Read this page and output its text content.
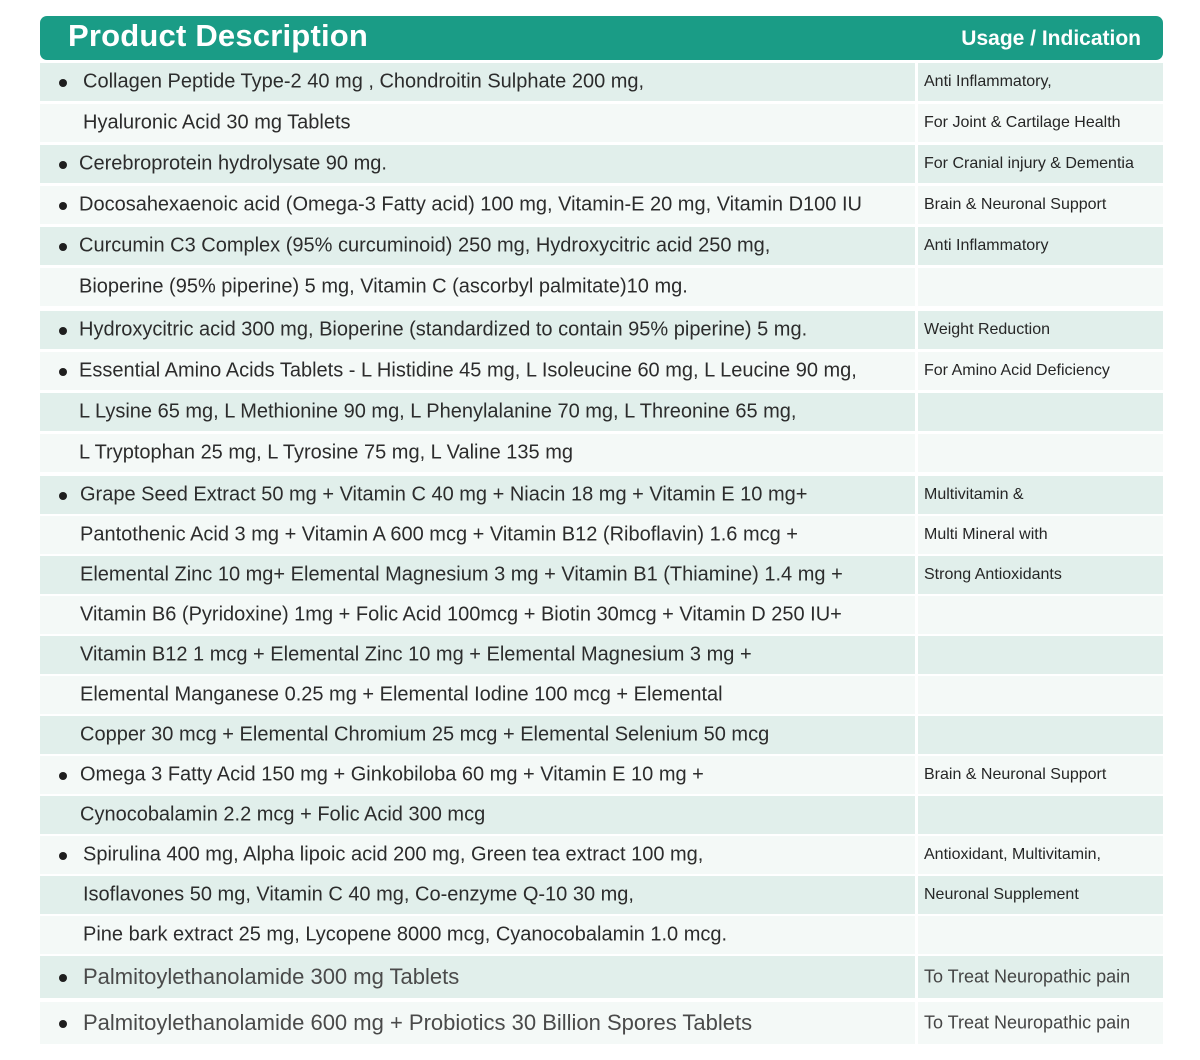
Product Description	Usage / Indication
Collagen Peptide Type-2 40 mg , Chondroitin Sulphate 200 mg,	Anti Inflammatory,
Hyaluronic Acid 30 mg Tablets	For Joint & Cartilage Health
Cerebroprotein hydrolysate 90 mg.	For Cranial injury & Dementia
Docosahexaenoic acid (Omega-3 Fatty acid) 100 mg, Vitamin-E 20 mg, Vitamin D100 IU	Brain & Neuronal Support
Curcumin C3 Complex (95% curcuminoid) 250 mg, Hydroxycitric acid 250 mg,	Anti Inflammatory
Bioperine (95% piperine) 5 mg, Vitamin C (ascorbyl palmitate)10 mg.
Hydroxycitric acid 300 mg, Bioperine (standardized to contain 95% piperine) 5 mg.	Weight Reduction
Essential Amino Acids Tablets - L Histidine 45 mg, L Isoleucine 60 mg, L Leucine 90 mg,	For Amino Acid Deficiency
L Lysine 65 mg, L Methionine 90 mg, L Phenylalanine 70 mg, L Threonine 65 mg,
L Tryptophan 25 mg, L Tyrosine 75 mg, L Valine 135 mg
Grape Seed Extract 50 mg + Vitamin C 40 mg + Niacin 18 mg + Vitamin E 10 mg+	Multivitamin &
Pantothenic Acid 3 mg + Vitamin A 600 mcg + Vitamin B12 (Riboflavin) 1.6 mcg +	Multi Mineral with
Elemental Zinc 10 mg+ Elemental Magnesium 3 mg + Vitamin B1 (Thiamine) 1.4 mg +	Strong Antioxidants
Vitamin B6 (Pyridoxine) 1mg + Folic Acid 100mcg + Biotin 30mcg + Vitamin D 250 IU+
Vitamin B12 1 mcg + Elemental Zinc 10 mg + Elemental Magnesium 3 mg +
Elemental Manganese 0.25 mg + Elemental Iodine 100 mcg + Elemental
Copper 30 mcg + Elemental Chromium 25 mcg + Elemental Selenium 50 mcg
Omega 3 Fatty Acid 150 mg + Ginkobiloba 60 mg + Vitamin E 10 mg +	Brain & Neuronal Support
Cynocobalamin 2.2 mcg + Folic Acid 300 mcg
Spirulina 400 mg, Alpha lipoic acid 200 mg, Green tea extract 100 mg,	Antioxidant, Multivitamin,
Isoflavones 50 mg, Vitamin C 40 mg, Co-enzyme Q-10 30 mg,	Neuronal Supplement
Pine bark extract 25 mg, Lycopene 8000 mcg, Cyanocobalamin 1.0 mcg.
Palmitoylethanolamide 300 mg Tablets	To Treat Neuropathic pain
Palmitoylethanolamide 600 mg + Probiotics 30 Billion Spores Tablets	To Treat Neuropathic pain
